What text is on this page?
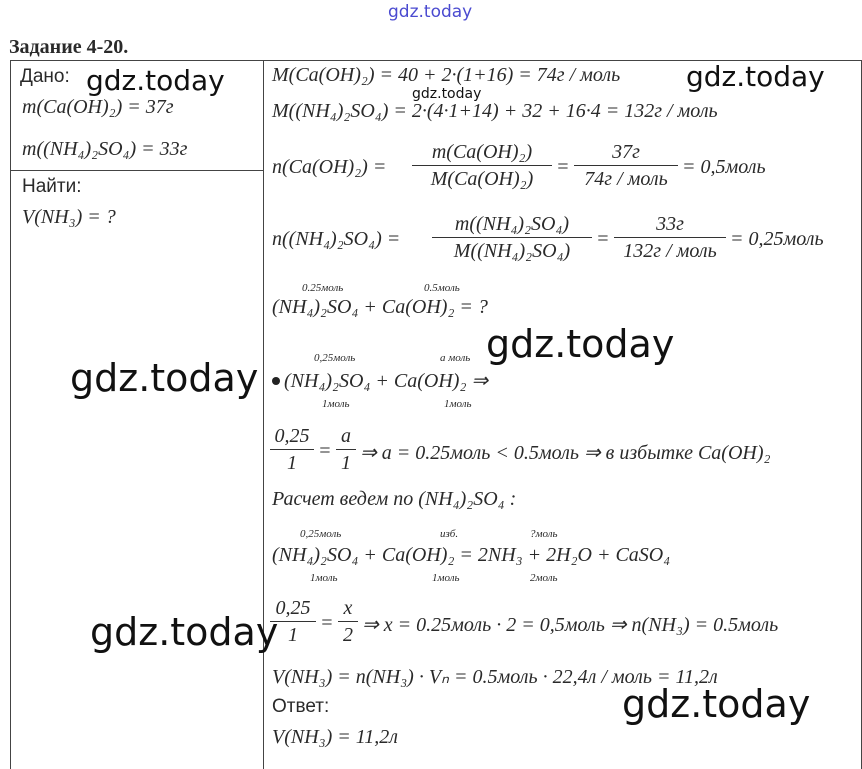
gdz.today
Задание 4-20.
Дано:
m(Ca(OH)₂) = 37г
m((NH₄)₂SO₄) = 33г
Найти:
V(NH₃) = ?
M(Ca(OH)₂) = 40 + 2·(1+16) = 74г / моль
M((NH₄)₂SO₄) = 2·(4·1+14) + 32 + 16·4 = 132г / моль
n(Ca(OH)₂) =
m(Ca(OH)₂)
M(Ca(OH)₂)
=
37г
74г / моль
= 0,5моль
n((NH₄)₂SO₄) =
m((NH₄)₂SO₄)
M((NH₄)₂SO₄)
=
33г
132г / моль
= 0,25моль
0.25моль	0.5моль
(NH₄)₂SO₄ + Ca(OH)₂ = ?
0,25моль	a моль
(NH₄)₂SO₄ + Ca(OH)₂ ⇒
1моль	1моль
0,25
1
=
a
1 ⇒ a = 0.25моль < 0.5моль ⇒ в избытке Ca(OH)₂
Расчет ведем по (NH₄)₂SO₄ :
0,25моль	изб.	?моль
(NH₄)₂SO₄ + Ca(OH)₂ = 2NH₃ + 2H₂O + CaSO₄
1моль	1моль	2моль
0,25
1
=
x
2 ⇒ x = 0.25моль · 2 = 0,5моль ⇒ n(NH₃) = 0.5моль
V(NH₃) = n(NH₃) · Vₙ = 0.5моль · 22,4л / моль = 11,2л
Ответ:
V(NH₃) = 11,2л
gdz.today	gdz.today
gdz.today
gdz.today
gdz.today
gdz.today
gdz.today
